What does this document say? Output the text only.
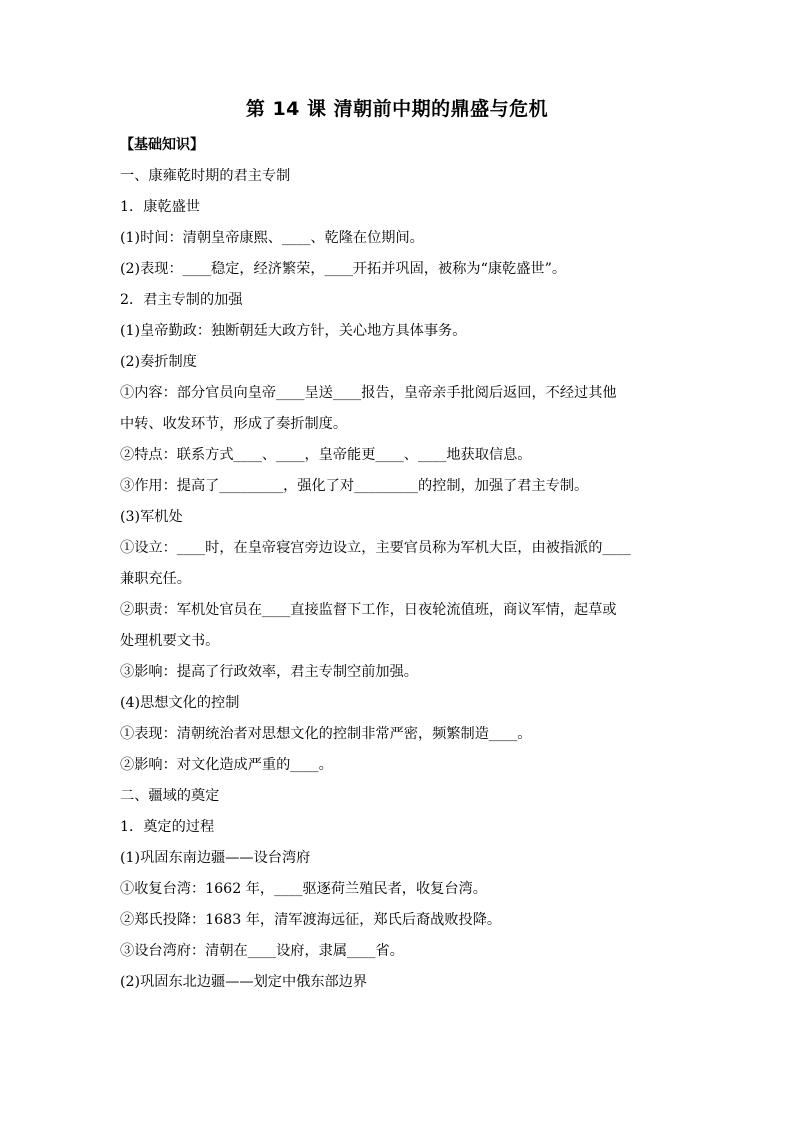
第 14 课 清朝前中期的鼎盛与危机
【基础知识】
一、康雍乾时期的君主专制
1．康乾盛世
(1)时间：清朝皇帝康熙、____、乾隆在位期间。
(2)表现：____稳定，经济繁荣，____开拓并巩固，被称为“康乾盛世”。
2．君主专制的加强
(1)皇帝勤政：独断朝廷大政方针，关心地方具体事务。
(2)奏折制度
①内容：部分官员向皇帝____呈送____报告，皇帝亲手批阅后返回，不经过其他
中转、收发环节，形成了奏折制度。
②特点：联系方式____、____，皇帝能更____、____地获取信息。
③作用：提高了_________，强化了对_________的控制，加强了君主专制。
(3)军机处
①设立：____时，在皇帝寝宫旁边设立，主要官员称为军机大臣，由被指派的____
兼职充任。
②职责：军机处官员在____直接监督下工作，日夜轮流值班，商议军情，起草或
处理机要文书。
③影响：提高了行政效率，君主专制空前加强。
(4)思想文化的控制
①表现：清朝统治者对思想文化的控制非常严密，频繁制造____。
②影响：对文化造成严重的____。
二、疆域的奠定
1．奠定的过程
(1)巩固东南边疆——设台湾府
①收复台湾：1662 年，____驱逐荷兰殖民者，收复台湾。
②郑氏投降：1683 年，清军渡海远征，郑氏后裔战败投降。
③设台湾府：清朝在____设府，隶属____省。
(2)巩固东北边疆——划定中俄东部边界
